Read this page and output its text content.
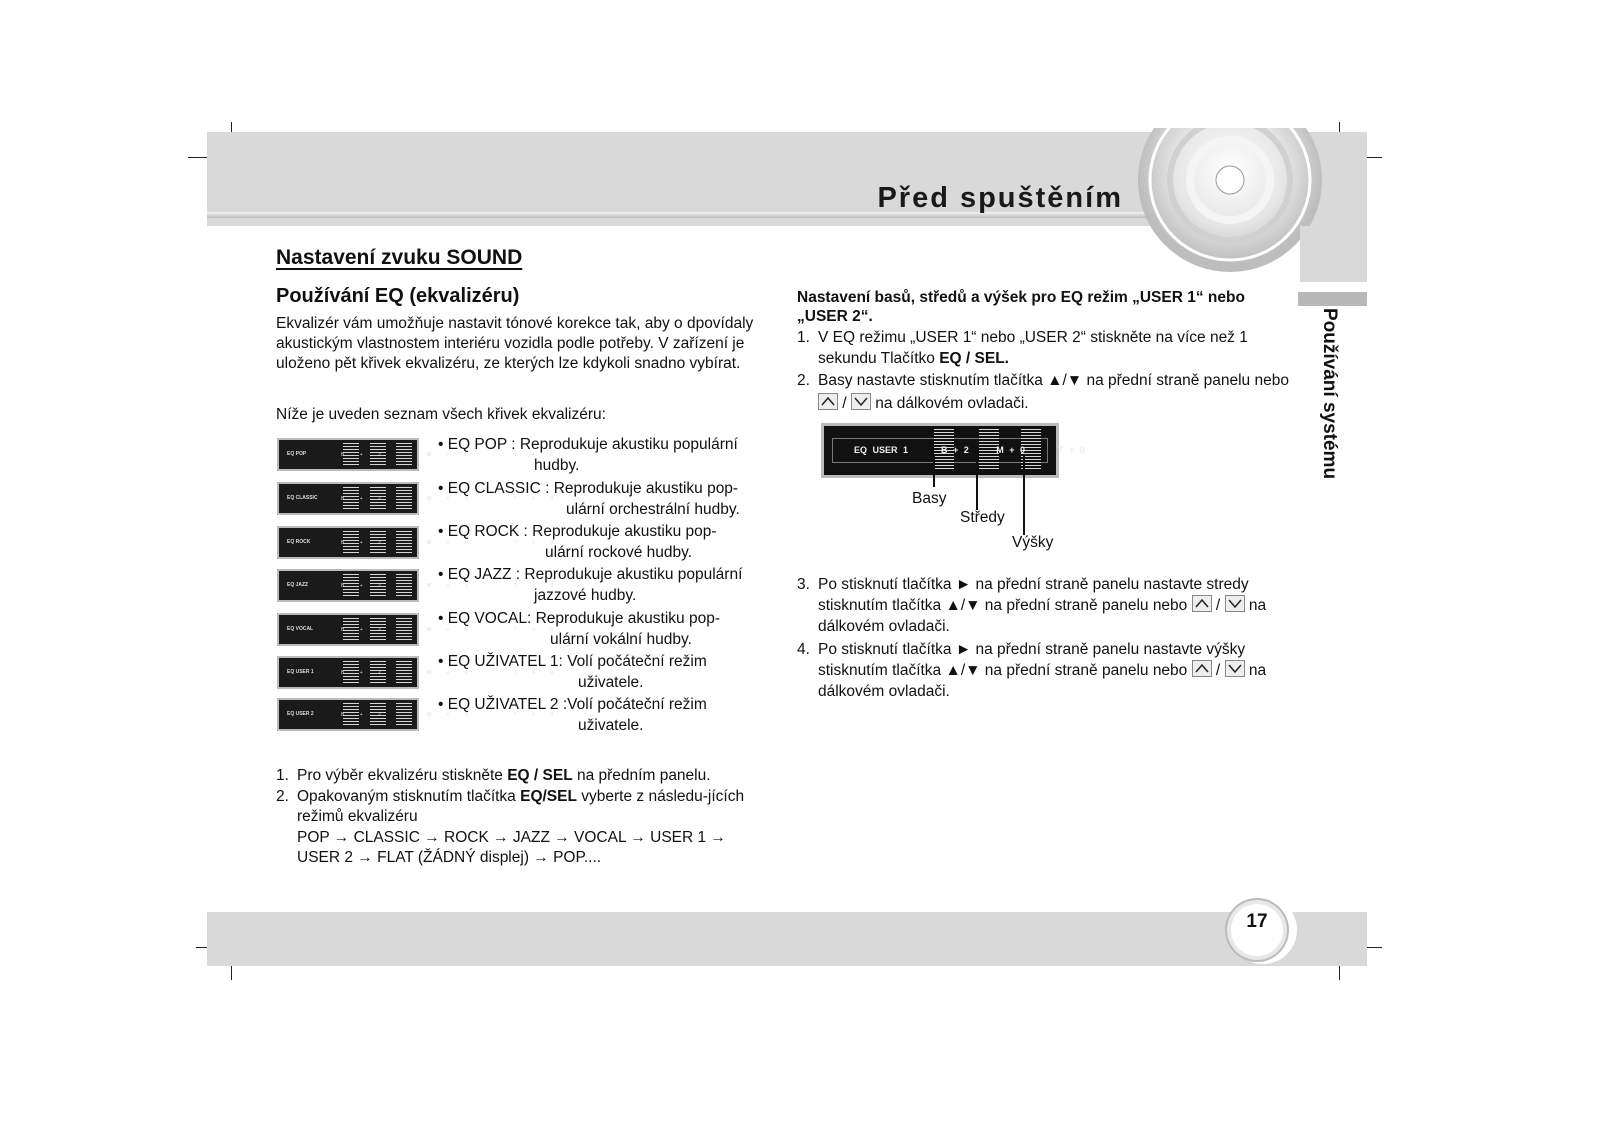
Před spuštěním
Používání systému
Nastavení zvuku SOUND
Používání EQ (ekvalizéru)
Ekvalizér vám umožňuje nastavit tónové korekce tak, aby o dpovídaly akustickým vlastnostem interiéru vozidla podle potřeby. V zařízení je uloženo pět křivek ekvalizéru, ze kterých lze kdykoli snadno vybírat.
Níže je uveden seznam všech křivek ekvalizéru:
EQ POP	B + 2   M + 0   T + 0
EQ CLASSIC	B + 2   M + 0   T + 0
EQ ROCK	B + 2   M + 0   T + 0
EQ JAZZ	B + 2   M + 0   T + 0
EQ VOCAL	B + 2   M + 0   T + 0
EQ USER 1	B + 2   M + 0   T + 0
EQ USER 2	B + 2   M + 0   T + 0
• EQ POP : Reprodukuje akustiku populární
hudby.
• EQ CLASSIC : Reprodukuje akustiku pop-
ulární orchestrální hudby.
• EQ ROCK : Reprodukuje akustiku pop-
ulární rockové hudby.
• EQ JAZZ : Reprodukuje akustiku populární
jazzové hudby.
• EQ VOCAL: Reprodukuje akustiku pop-
ulární vokální hudby.
• EQ UŽIVATEL 1: Volí počáteční režim
uživatele.
• EQ UŽIVATEL 2 :Volí počáteční režim
uživatele.
1. Pro výběr ekvalizéru stiskněte EQ / SEL na předním panelu.
2. Opakovaným stisknutím tlačítka EQ/SEL vyberte z následu-jících režimů ekvalizéru
POP → CLASSIC → ROCK → JAZZ → VOCAL → USER 1 →
USER 2 → FLAT (ŽÁDNÝ displej) → POP....
Nastavení basů, středů a výšek pro EQ režim „USER 1“ nebo „USER 2“.
1. V EQ režimu „USER 1“ nebo „USER 2“ stiskněte na více než 1 sekundu Tlačítko EQ / SEL.
2. Basy nastavte stisknutím tlačítka ▲/▼ na přední straně panelu nebo
/
na dálkovém ovladači.
EQ USER 1      B + 2     M + 0      T + 0
Basy
Středy
Výšky
3. Po stisknutí tlačítka ► na přední straně panelu nastavte stredy stisknutím tlačítka ▲/▼ na přední straně panelu nebo
/
na dálkovém ovladači.
4. Po stisknutí tlačítka ► na přední straně panelu nastavte výšky stisknutím tlačítka ▲/▼ na přední straně panelu nebo
/
na dálkovém ovladači.
17
